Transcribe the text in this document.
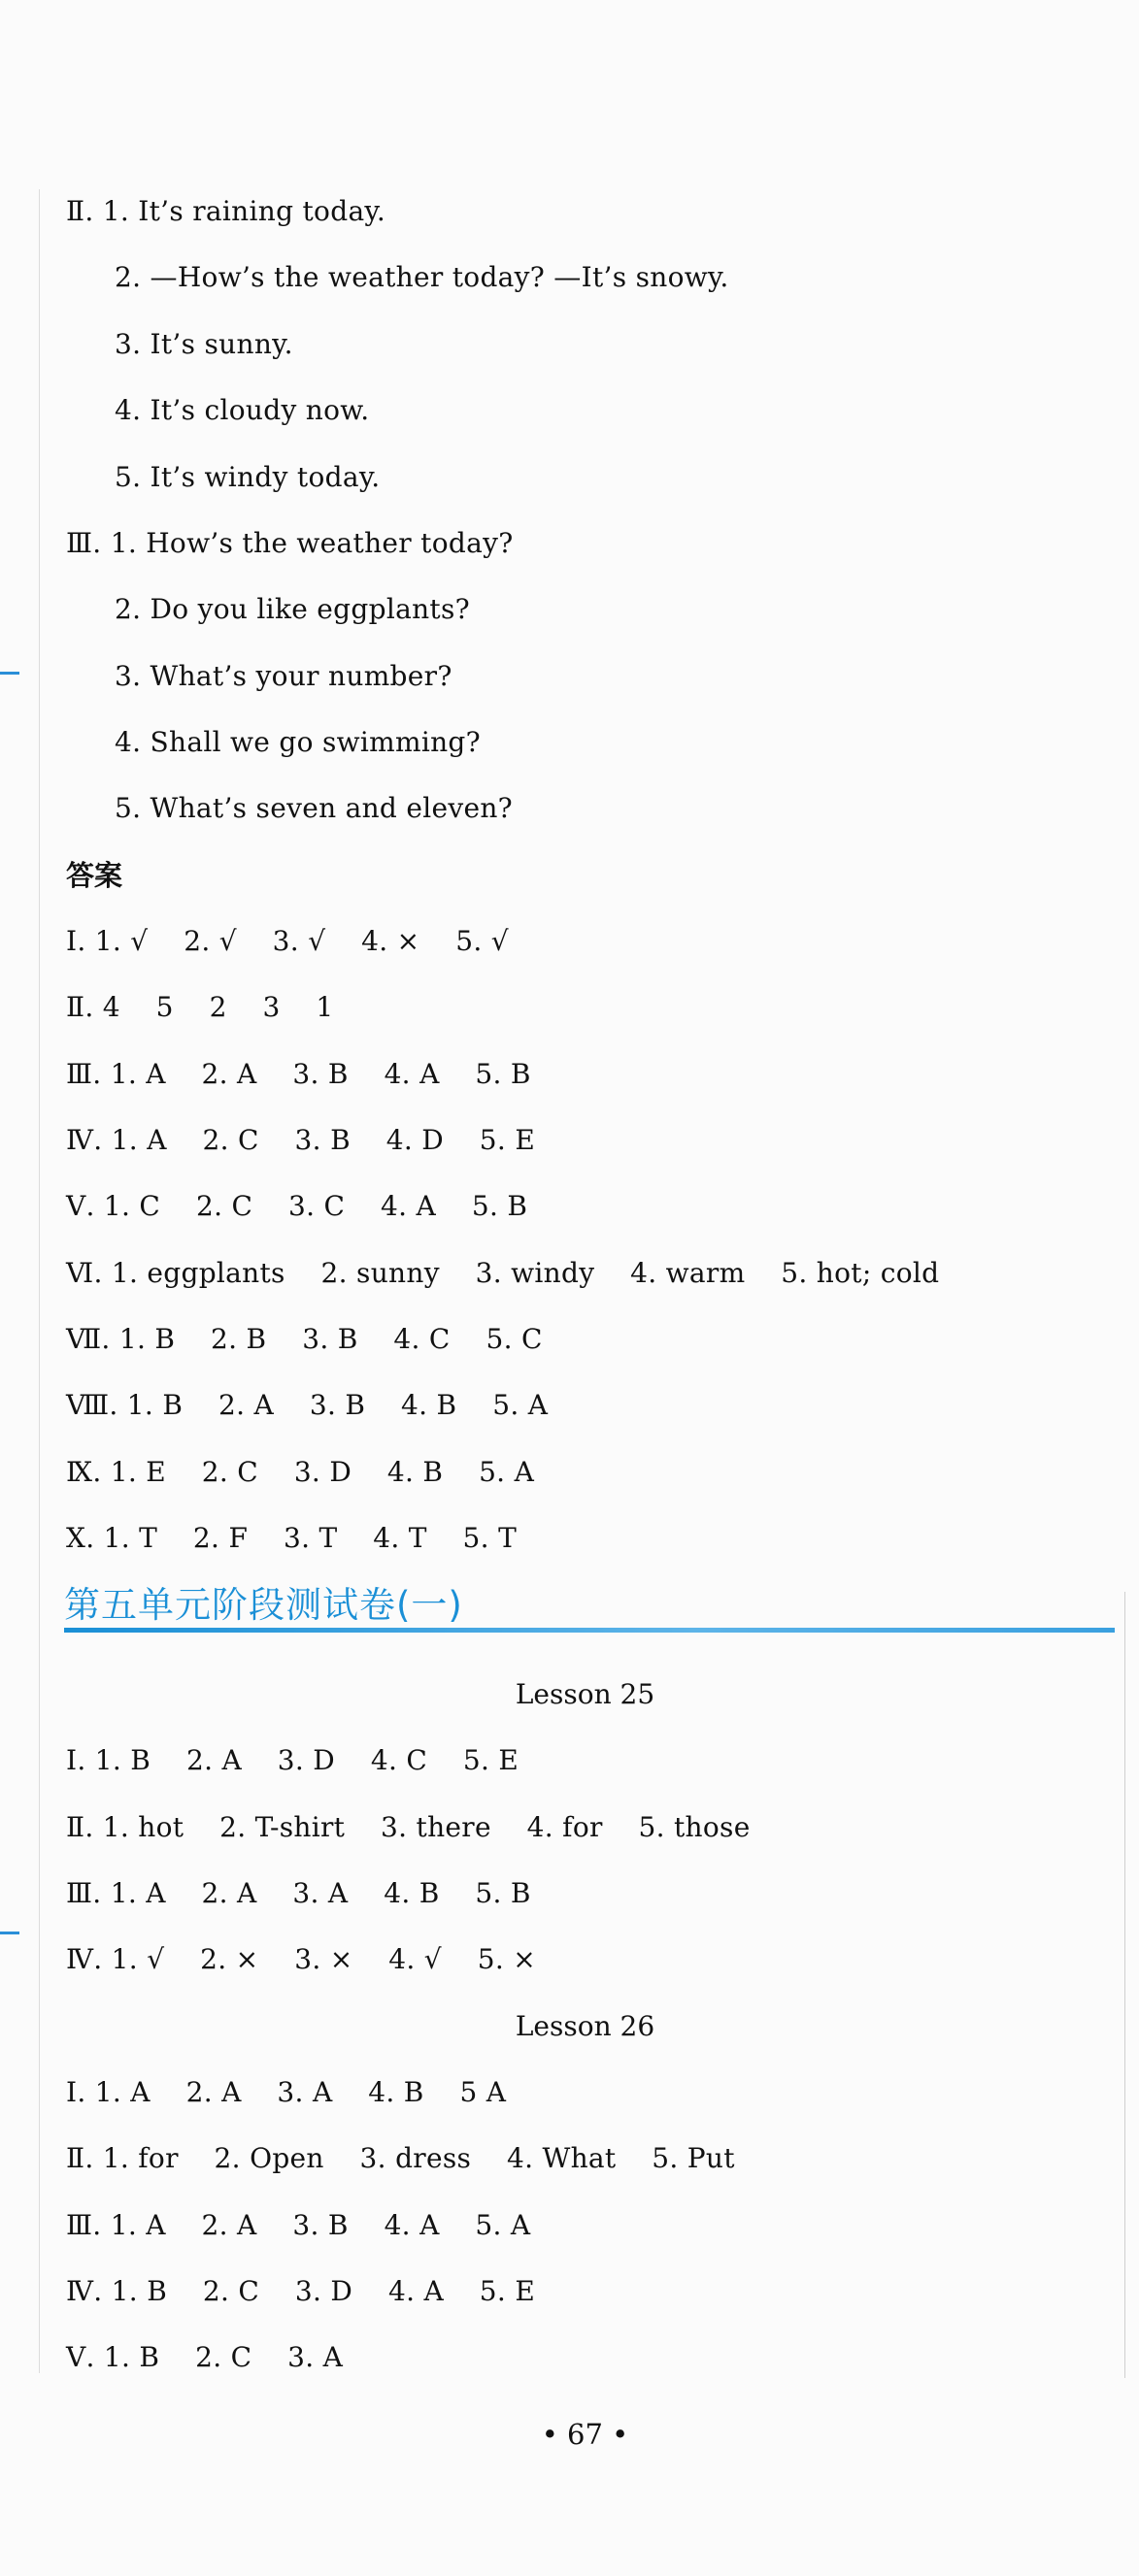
Ⅱ. 1. It’s raining today.
2. —How’s the weather today? —It’s snowy.
3. It’s sunny.
4. It’s cloudy now.
5. It’s windy today.
Ⅲ. 1. How’s the weather today?
2. Do you like eggplants?
3. What’s your number?
4. Shall we go swimming?
5. What’s seven and eleven?
答案
Ⅰ. 1. √    2. √    3. √    4. ×    5. √
Ⅱ. 4    5    2    3    1
Ⅲ. 1. A    2. A    3. B    4. A    5. B
Ⅳ. 1. A    2. C    3. B    4. D    5. E
Ⅴ. 1. C    2. C    3. C    4. A    5. B
Ⅵ. 1. eggplants    2. sunny    3. windy    4. warm    5. hot; cold
Ⅶ. 1. B    2. B    3. B    4. C    5. C
Ⅷ. 1. B    2. A    3. B    4. B    5. A
Ⅸ. 1. E    2. C    3. D    4. B    5. A
Ⅹ. 1. T    2. F    3. T    4. T    5. T
第五单元阶段测试卷(一)
Lesson 25
Ⅰ. 1. B    2. A    3. D    4. C    5. E
Ⅱ. 1. hot    2. T-shirt    3. there    4. for    5. those
Ⅲ. 1. A    2. A    3. A    4. B    5. B
Ⅳ. 1. √    2. ×    3. ×    4. √    5. ×
Lesson 26
Ⅰ. 1. A    2. A    3. A    4. B    5 A
Ⅱ. 1. for    2. Open    3. dress    4. What    5. Put
Ⅲ. 1. A    2. A    3. B    4. A    5. A
Ⅳ. 1. B    2. C    3. D    4. A    5. E
Ⅴ. 1. B    2. C    3. A
• 67 •
